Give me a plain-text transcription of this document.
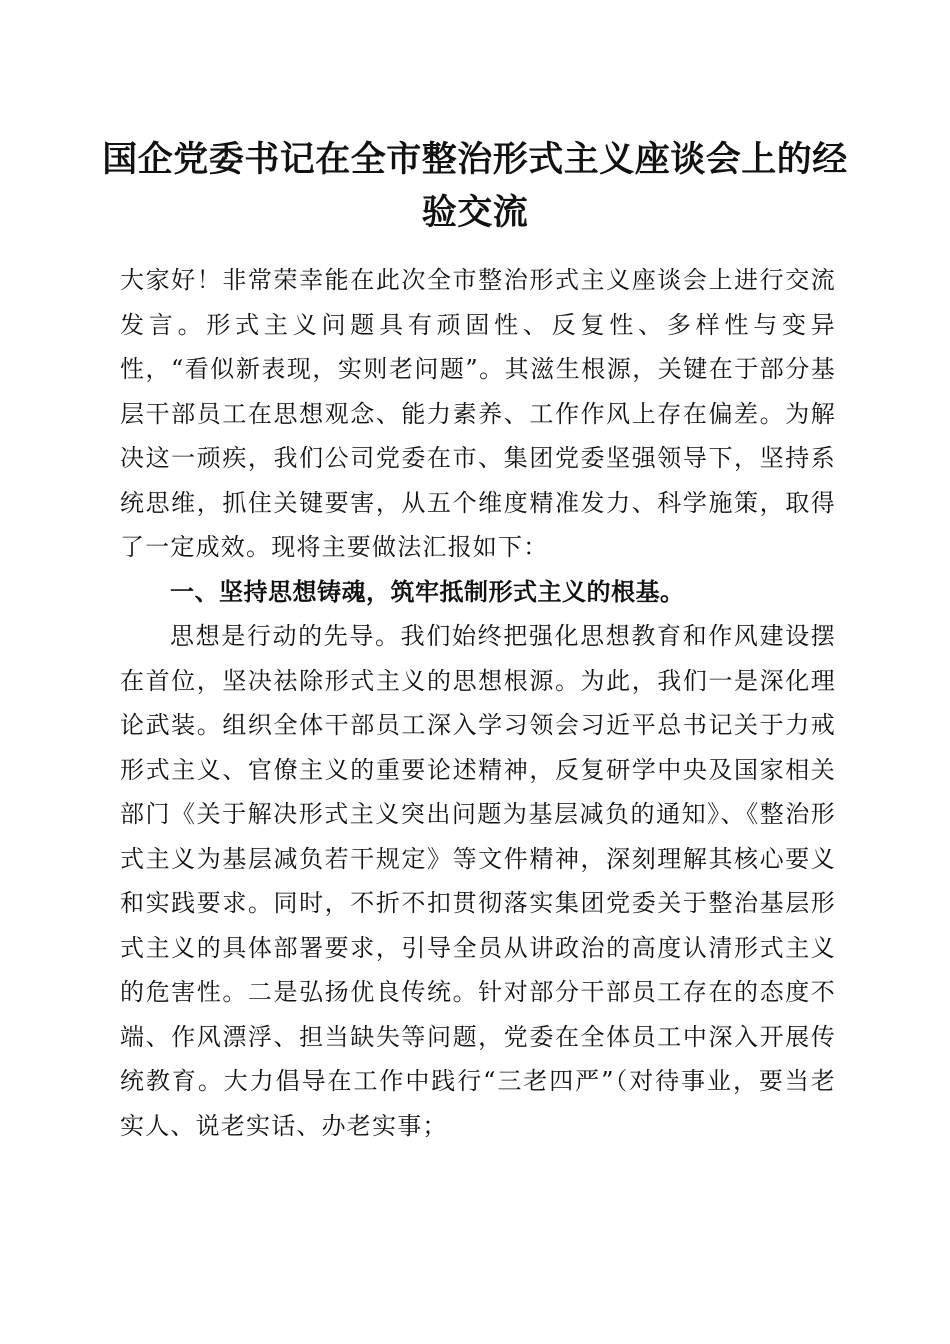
国企党委书记在全市整治形式主义座谈会上的经验交流

大家好！非常荣幸能在此次全市整治形式主义座谈会上进行交流发言。形式主义问题具有顽固性、反复性、多样性与变异性，“看似新表现，实则老问题”。其滋生根源，关键在于部分基层干部员工在思想观念、能力素养、工作作风上存在偏差。为解决这一顽疾，我们公司党委在市、集团党委坚强领导下，坚持系统思维，抓住关键要害，从五个维度精准发力、科学施策，取得了一定成效。现将主要做法汇报如下：

一、坚持思想铸魂，筑牢抵制形式主义的根基。

思想是行动的先导。我们始终把强化思想教育和作风建设摆在首位，坚决祛除形式主义的思想根源。为此，我们一是深化理论武装。组织全体干部员工深入学习领会习近平总书记关于力戒形式主义、官僚主义的重要论述精神，反复研学中央及国家相关部门《关于解决形式主义突出问题为基层减负的通知》、《整治形式主义为基层减负若干规定》等文件精神，深刻理解其核心要义和实践要求。同时，不折不扣贯彻落实集团党委关于整治基层形式主义的具体部署要求，引导全员从讲政治的高度认清形式主义的危害性。二是弘扬优良传统。针对部分干部员工存在的态度不端、作风漂浮、担当缺失等问题，党委在全体员工中深入开展传统教育。大力倡导在工作中践行“三老四严”（对待事业，要当老实人、说老实话、办老实事；
